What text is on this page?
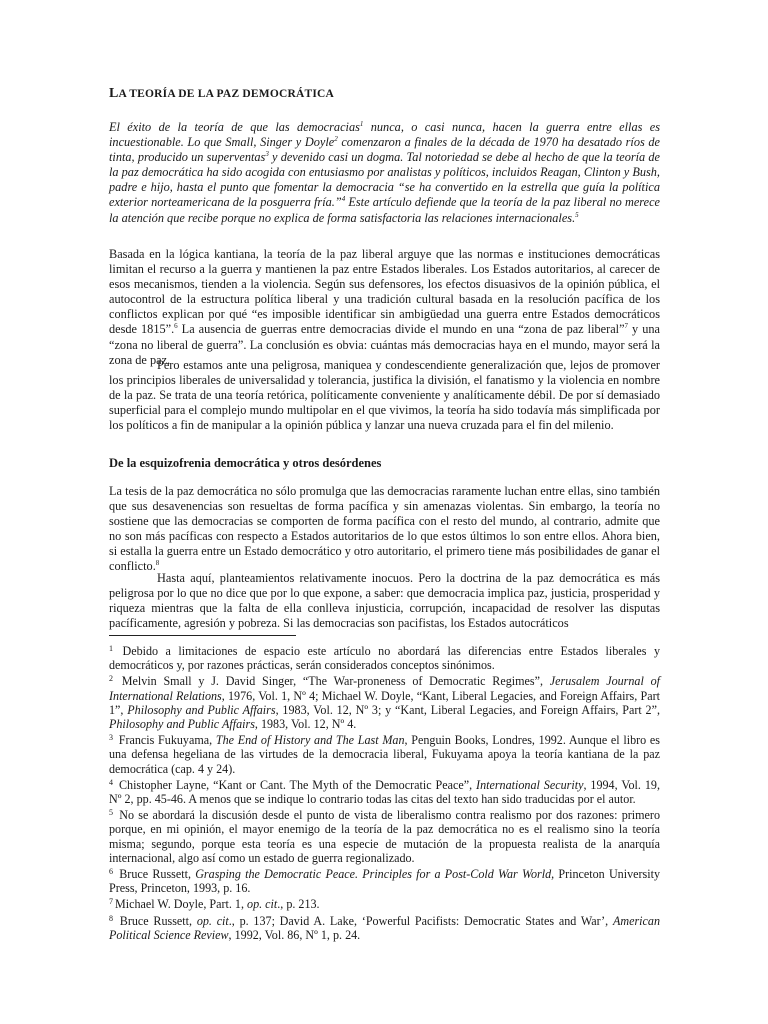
LA TEORÍA DE LA PAZ DEMOCRÁTICA

El éxito de la teoría de que las democracias$^1$ nunca, o casi nunca, hacen la guerra entre ellas es incuestionable. Lo que Small, Singer y Doyle$^2$ comenzaron a finales de la década de 1970 ha desatado ríos de tinta, producido un superventas$^3$ y devenido casi un dogma. Tal notoriedad se debe al hecho de que la teoría de la paz democrática ha sido acogida con entusiasmo por analistas y políticos, incluidos Reagan, Clinton y Bush, padre e hijo, hasta el punto que fomentar la democracia “se ha convertido en la estrella que guía la política exterior norteamericana de la posguerra fría.”$^4$ Este artículo defiende que la teoría de la paz liberal no merece la atención que recibe porque no explica de forma satisfactoria las relaciones internacionales.$^5$

Basada en la lógica kantiana, la teoría de la paz liberal arguye que las normas e instituciones democráticas limitan el recurso a la guerra y mantienen la paz entre Estados liberales. Los Estados autoritarios, al carecer de esos mecanismos, tienden a la violencia. Según sus defensores, los efectos disuasivos de la opinión pública, el autocontrol de la estructura política liberal y una tradición cultural basada en la resolución pacífica de los conflictos explican por qué “es imposible identificar sin ambigüedad una guerra entre Estados democráticos desde 1815”.$^6$ La ausencia de guerras entre democracias divide el mundo en una “zona de paz liberal”$^7$ y una “zona no liberal de guerra”. La conclusión es obvia: cuántas más democracias haya en el mundo, mayor será la zona de paz.

Pero estamos ante una peligrosa, maniquea y condescendiente generalización que, lejos de promover los principios liberales de universalidad y tolerancia, justifica la división, el fanatismo y la violencia en nombre de la paz. Se trata de una teoría retórica, políticamente conveniente y analíticamente débil. De por sí demasiado superficial para el complejo mundo multipolar en el que vivimos, la teoría ha sido todavía más simplificada por los políticos a fin de manipular a la opinión pública y lanzar una nueva cruzada para el fin del milenio.

De la esquizofrenia democrática y otros desórdenes

La tesis de la paz democrática no sólo promulga que las democracias raramente luchan entre ellas, sino también que sus desavenencias son resueltas de forma pacífica y sin amenazas violentas. Sin embargo, la teoría no sostiene que las democracias se comporten de forma pacífica con el resto del mundo, al contrario, admite que no son más pacíficas con respecto a Estados autoritarios de lo que estos últimos lo son entre ellos. Ahora bien, si estalla la guerra entre un Estado democrático y otro autoritario, el primero tiene más posibilidades de ganar el conflicto.$^8$

Hasta aquí, planteamientos relativamente inocuos. Pero la doctrina de la paz democrática es más peligrosa por lo que no dice que por lo que expone, a saber: que democracia implica paz, justicia, prosperidad y riqueza mientras que la falta de ella conlleva injusticia, corrupción, incapacidad de resolver las disputas pacíficamente, agresión y pobreza. Si las democracias son pacifistas, los Estados autocráticos

$^1$ Debido a limitaciones de espacio este artículo no abordará las diferencias entre Estados liberales y democráticos y, por razones prácticas, serán considerados conceptos sinónimos.

$^2$ Melvin Small y J. David Singer, “The War-proneness of Democratic Regimes”, Jerusalem Journal of International Relations, 1976, Vol. 1, Nº 4; Michael W. Doyle, “Kant, Liberal Legacies, and Foreign Affairs, Part 1”, Philosophy and Public Affairs, 1983, Vol. 12, Nº 3; y “Kant, Liberal Legacies, and Foreign Affairs, Part 2”, Philosophy and Public Affairs, 1983, Vol. 12, Nº 4.

$^3$ Francis Fukuyama, The End of History and The Last Man, Penguin Books, Londres, 1992. Aunque el libro es una defensa hegeliana de las virtudes de la democracia liberal, Fukuyama apoya la teoría kantiana de la paz democrática (cap. 4 y 24).

$^4$ Chistopher Layne, “Kant or Cant. The Myth of the Democratic Peace”, International Security, 1994, Vol. 19, Nº 2, pp. 45-46. A menos que se indique lo contrario todas las citas del texto han sido traducidas por el autor.

$^5$ No se abordará la discusión desde el punto de vista de liberalismo contra realismo por dos razones: primero porque, en mi opinión, el mayor enemigo de la teoría de la paz democrática no es el realismo sino la teoría misma; segundo, porque esta teoría es una especie de mutación de la propuesta realista de la anarquía internacional, algo así como un estado de guerra regionalizado.

$^6$ Bruce Russett, Grasping the Democratic Peace. Principles for a Post-Cold War World, Princeton University Press, Princeton, 1993, p. 16.

$^7$ Michael W. Doyle, Part. 1, op. cit., p. 213.

$^8$ Bruce Russett, op. cit., p. 137; David A. Lake, ‘Powerful Pacifists: Democratic States and War’, American Political Science Review, 1992, Vol. 86, Nº 1, p. 24.
